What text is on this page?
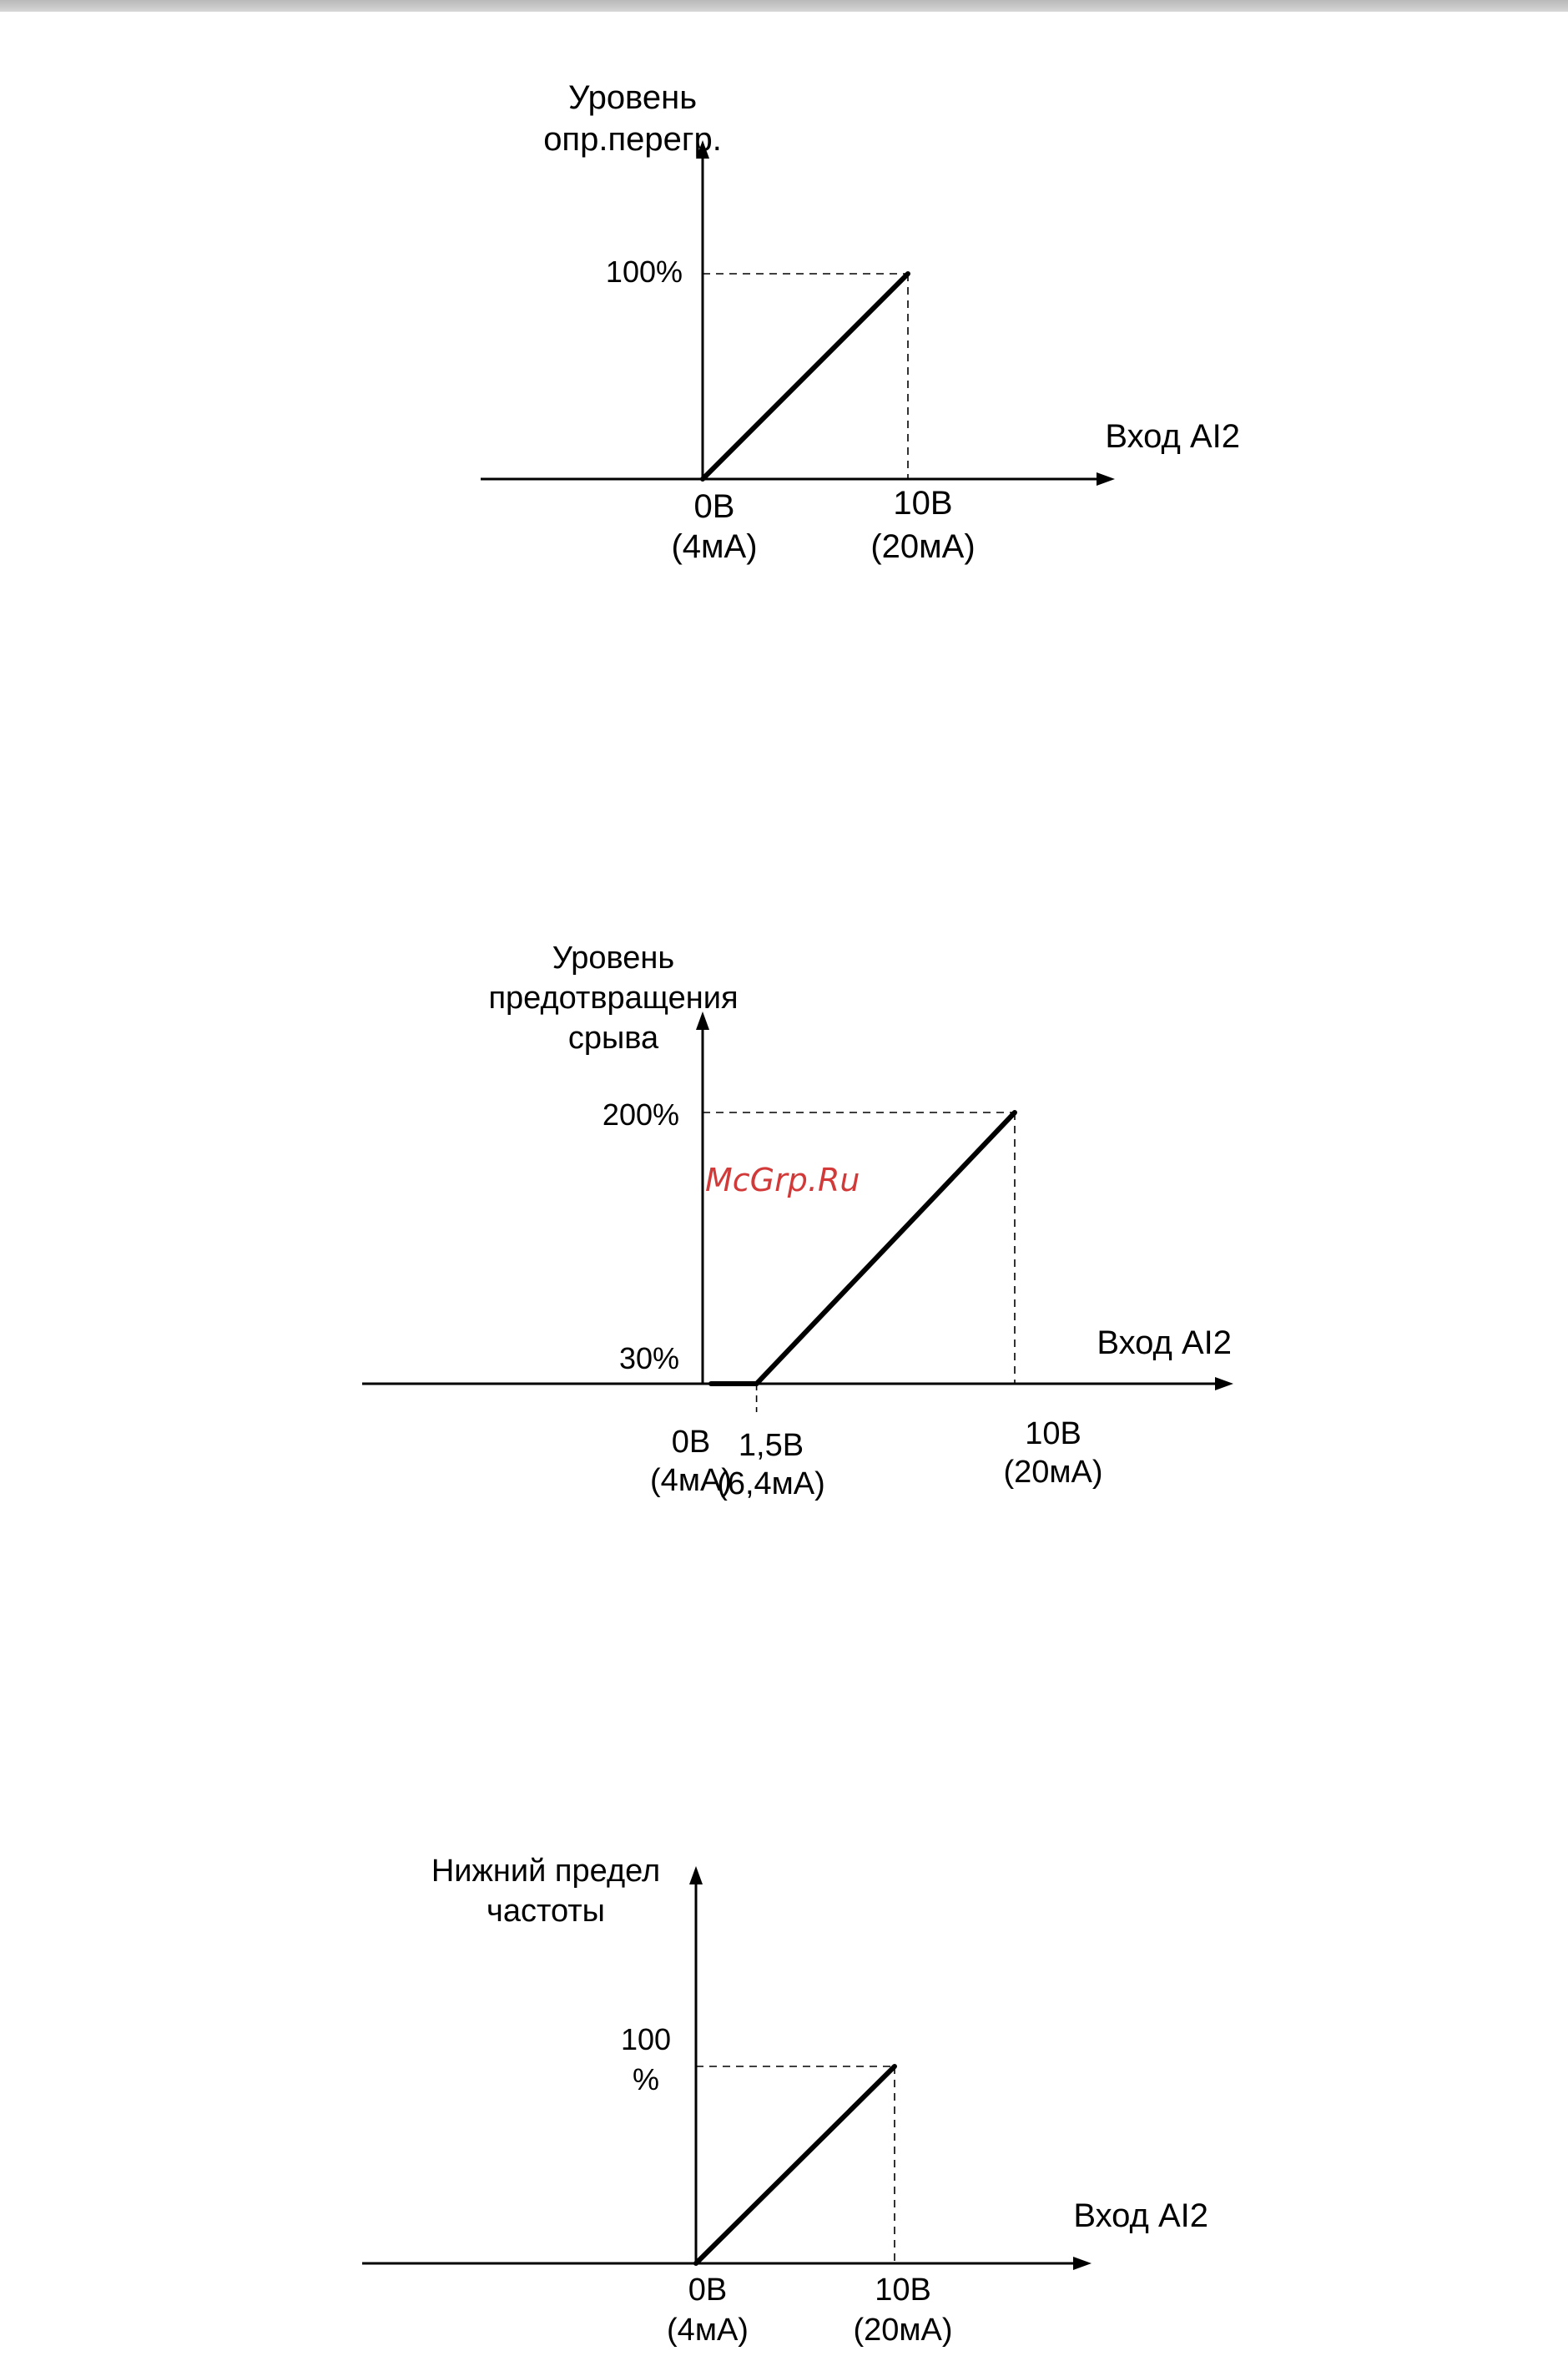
Уровень
опр.перегр.
Вход AI2
0В
(4мА)
10В
(20мА)
100%
Уровень
предотвращения
срыва
Вход AI2
0В
(4мА)
1,5В
(6,4мА)
10В
(20мА)
30%
200%
Нижний предел
частоты
Вход AI2
0В
(4мА)
10В
(20мА)
100
%
McGrp.Ru
